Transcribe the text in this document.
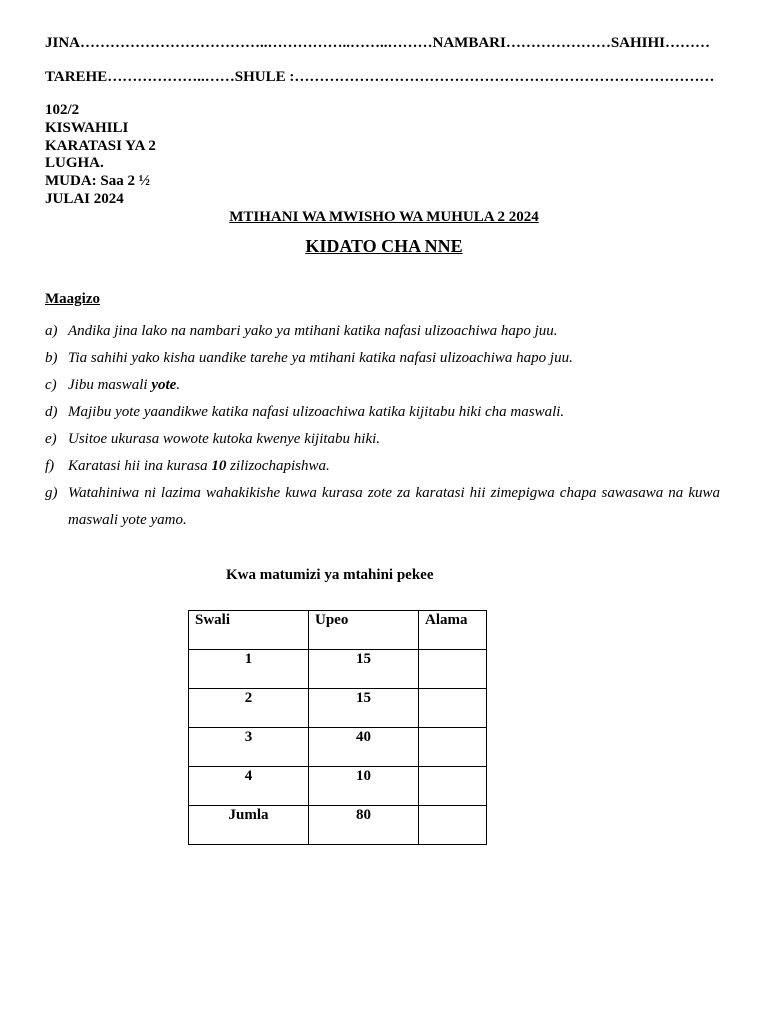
JINA………………………………..……………..……..………NAMBARI…………………SAHIHI………
TAREHE………………..……SHULE :…………………………………………………………………………
102/2
KISWAHILI
KARATASI YA 2
LUGHA.
MUDA: Saa 2 ½
JULAI 2024
MTIHANI WA MWISHO WA MUHULA 2 2024
KIDATO CHA NNE
Maagizo
a) Andika jina lako na nambari yako ya mtihani katika nafasi ulizoachiwa hapo juu.
b) Tia sahihi yako kisha uandike tarehe ya mtihani katika nafasi ulizoachiwa hapo juu.
c) Jibu maswali yote.
d) Majibu yote yaandikwe katika nafasi ulizoachiwa katika kijitabu hiki cha maswali.
e) Usitoe ukurasa wowote kutoka kwenye kijitabu hiki.
f) Karatasi hii ina kurasa 10 zilizochapishwa.
g) Watahiniwa ni lazima wahakikishe kuwa kurasa zote za karatasi hii zimepigwa chapa sawasawa na kuwa maswali yote yamo.
Kwa matumizi ya mtahini pekee
Swali	Upeo	Alama
1	15	
2	15	
3	40	
4	10	
Jumla	80	
